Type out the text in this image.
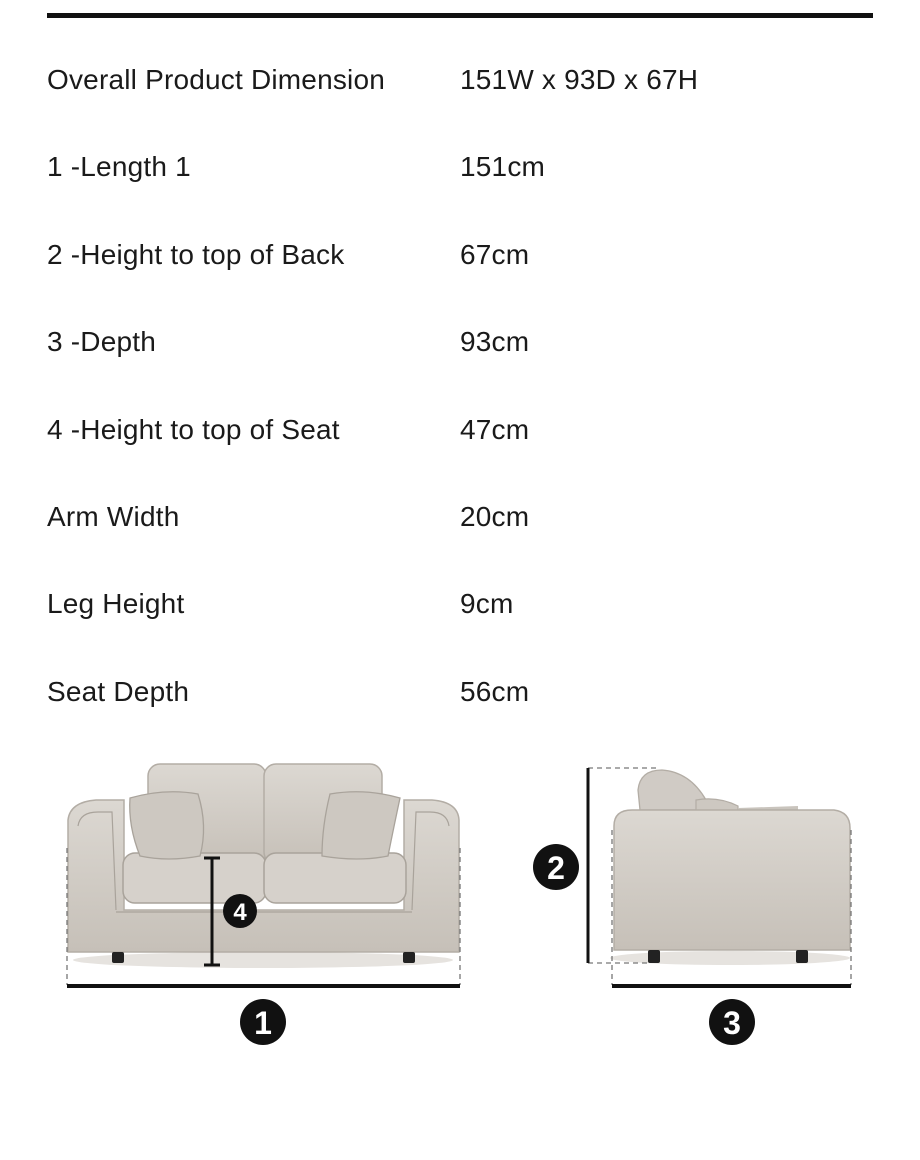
Overall Product Dimension	151W x 93D x 67H
1 -Length 1	151cm
2 -Height to top of Back	67cm
3 -Depth	93cm
4 -Height to top of Seat	47cm
Arm Width	20cm
Leg Height	9cm
Seat Depth	56cm
4
1
2
3
